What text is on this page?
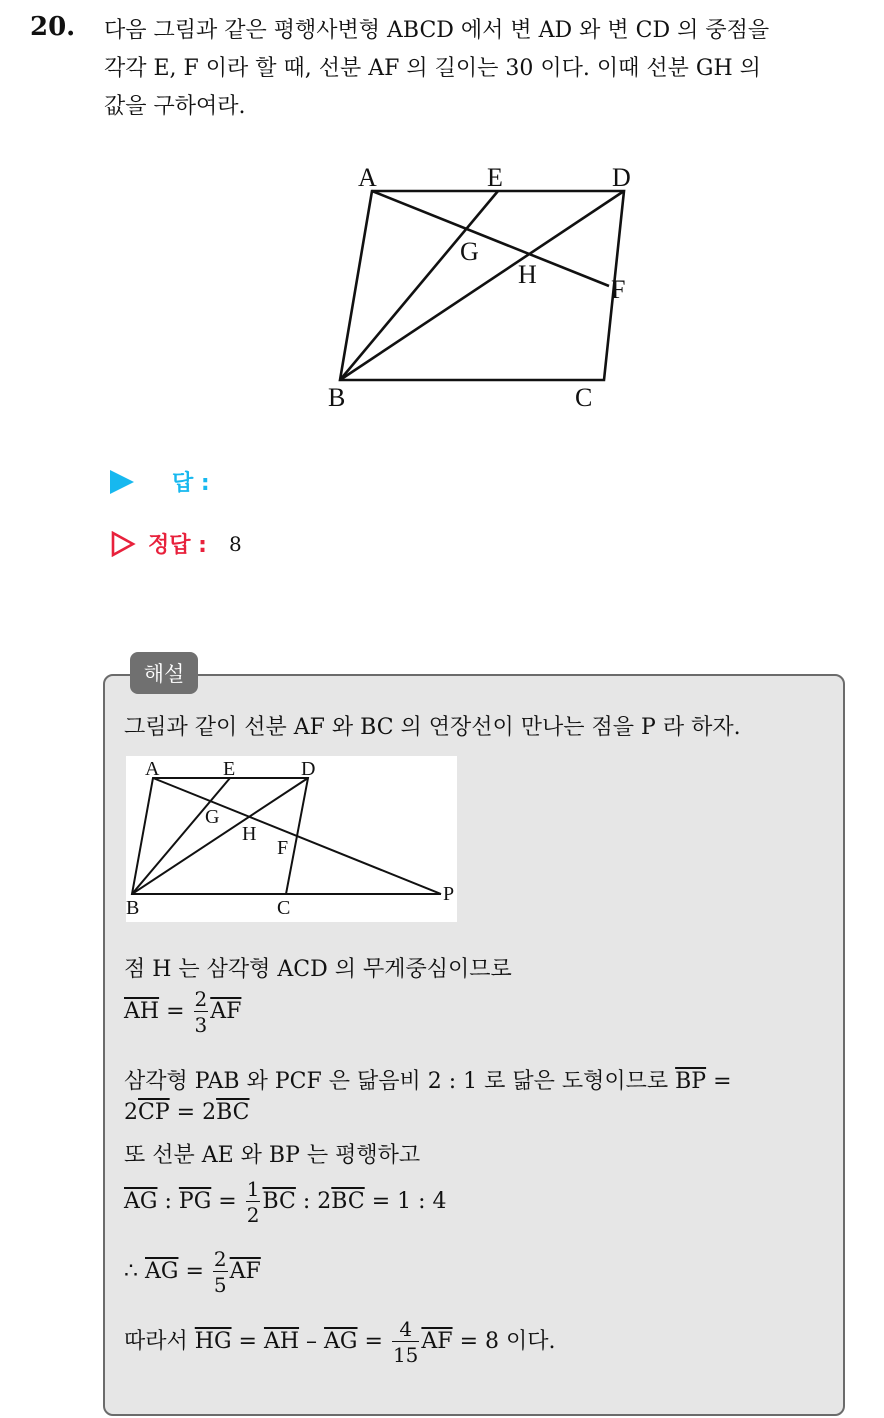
20. 다음 그림과 같은 평행사변형 ABCD 에서 변 AD 와 변 CD 의 중점을
각각 E, F 이라 할 때, 선분 AF 의 길이는 30 이다. 이때 선분 GH 의
값을 구하여라.
A	E	D
G
H
F
B	C
답 :
정답 : 8
해설
그림과 같이 선분 AF 와 BC 의 연장선이 만나는 점을 P 라 하자.
A	E	D
G
H
F
B	C
P
점 H 는 삼각형 ACD 의 무게중심이므로
$\overline{AH} = \frac{2}{3} \overline{AF}$
삼각형 PAB 와 PCF 은 닮음비 2 : 1 로 닮은 도형이므로 $\overline{BP}$ =
$2\overline{CP} = 2\overline{BC}$
또 선분 AE 와 BP 는 평행하고
$\overline{AG}$ : $\overline{PG} = \frac{1}{2} \overline{BC}$ : $2\overline{BC} = 1$ : 4
∴ $\overline{AG} = \frac{2}{5} \overline{AF}$
따라서 $\overline{HG} = \overline{AH} - \overline{AG} = \frac{4}{15} \overline{AF} = 8$ 이다.
